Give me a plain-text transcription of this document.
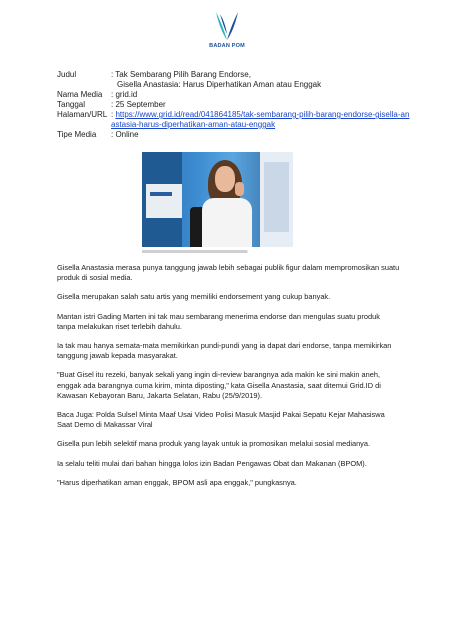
BADAN POM
Judul	: Tak Sembarang Pilih Barang Endorse,
Gisella Anastasia: Harus Diperhatikan Aman atau Enggak
Nama Media	: grid.id
Tanggal	: 25 September
Halaman/URL : https://www.grid.id/read/041864185/tak-sembarang-pilih-barang-endorse-gisella-anastasia-harus-diperhatikan-aman-atau-enggak
Tipe Media	: Online

Gisella Anastasia merasa punya tanggung jawab lebih sebagai publik figur dalam mempromosikan suatu produk di sosial media.

Gisella merupakan salah satu artis yang memiliki endorsement yang cukup banyak.

Mantan istri Gading Marten ini tak mau sembarang menerima endorse dan mengulas suatu produk tanpa melakukan riset terlebih dahulu.

Ia tak mau hanya semata-mata memikirkan pundi-pundi yang ia dapat dari endorse, tanpa memikirkan tanggung jawab kepada masyarakat.

"Buat Gisel itu rezeki, banyak sekali yang ingin di-review barangnya ada makin ke sini makin aneh, enggak ada barangnya cuma kirim, minta diposting," kata Gisella Anastasia, saat ditemui Grid.ID di Kawasan Kebayoran Baru, Jakarta Selatan, Rabu (25/9/2019).

Baca Juga: Polda Sulsel Minta Maaf Usai Video Polisi Masuk Masjid Pakai Sepatu Kejar Mahasiswa Saat Demo di Makassar Viral

Gisella pun lebih selektif mana produk yang layak untuk ia promosikan melalui sosial medianya.

Ia selalu teliti mulai dari bahan hingga lolos izin Badan Pengawas Obat dan Makanan (BPOM).

"Harus diperhatikan aman enggak, BPOM asli apa enggak," pungkasnya.
